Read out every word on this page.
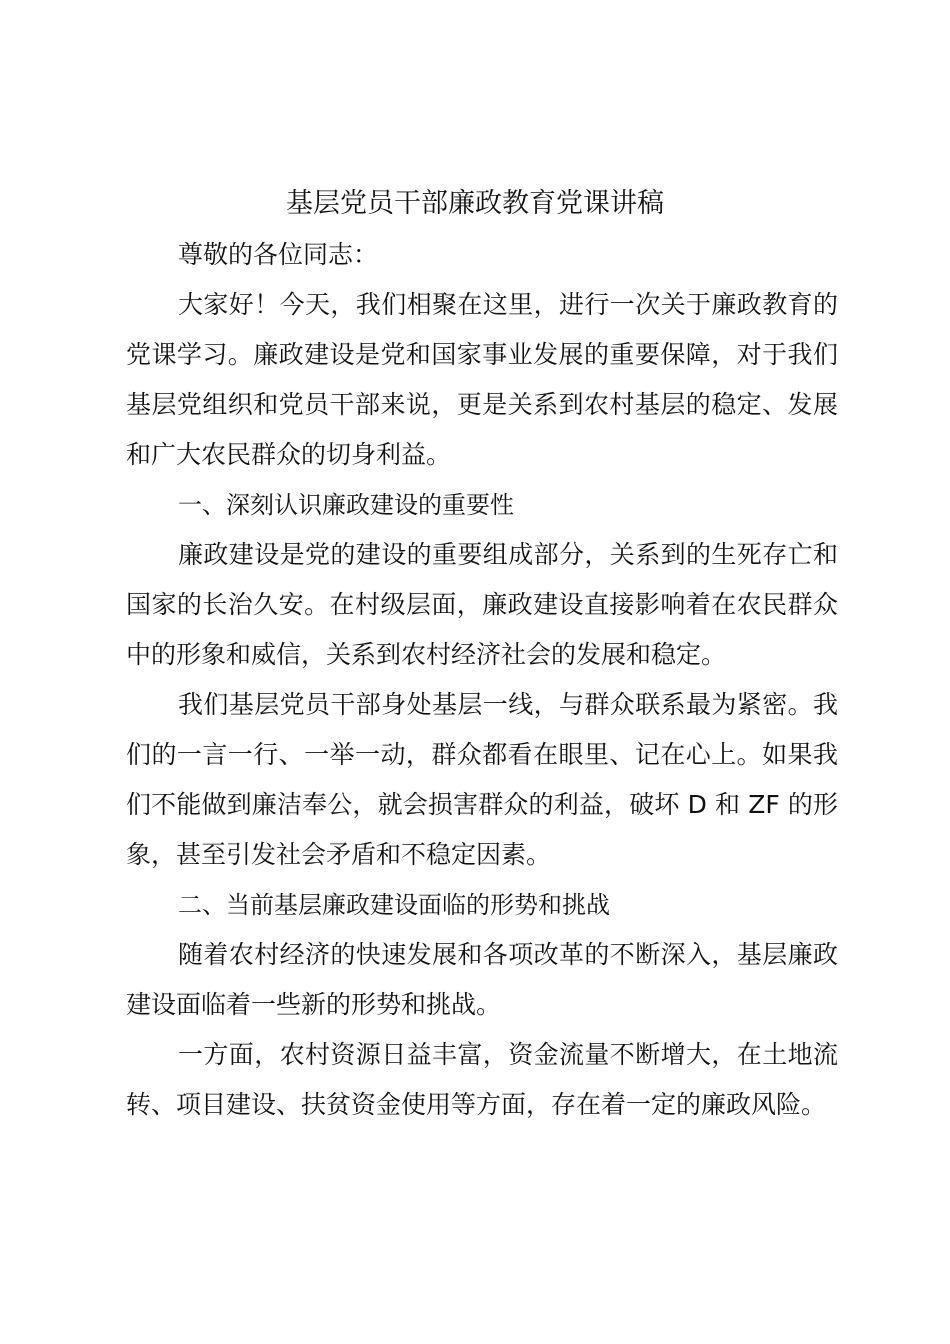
基层党员干部廉政教育党课讲稿

尊敬的各位同志：

大家好！今天，我们相聚在这里，进行一次关于廉政教育的党课学习。廉政建设是党和国家事业发展的重要保障，对于我们基层党组织和党员干部来说，更是关系到农村基层的稳定、发展和广大农民群众的切身利益。

一、深刻认识廉政建设的重要性

廉政建设是党的建设的重要组成部分，关系到的生死存亡和国家的长治久安。在村级层面，廉政建设直接影响着在农民群众中的形象和威信，关系到农村经济社会的发展和稳定。

我们基层党员干部身处基层一线，与群众联系最为紧密。我们的一言一行、一举一动，群众都看在眼里、记在心上。如果我们不能做到廉洁奉公，就会损害群众的利益，破坏 D 和 ZF 的形象，甚至引发社会矛盾和不稳定因素。

二、当前基层廉政建设面临的形势和挑战

随着农村经济的快速发展和各项改革的不断深入，基层廉政建设面临着一些新的形势和挑战。

一方面，农村资源日益丰富，资金流量不断增大，在土地流转、项目建设、扶贫资金使用等方面，存在着一定的廉政风险。
